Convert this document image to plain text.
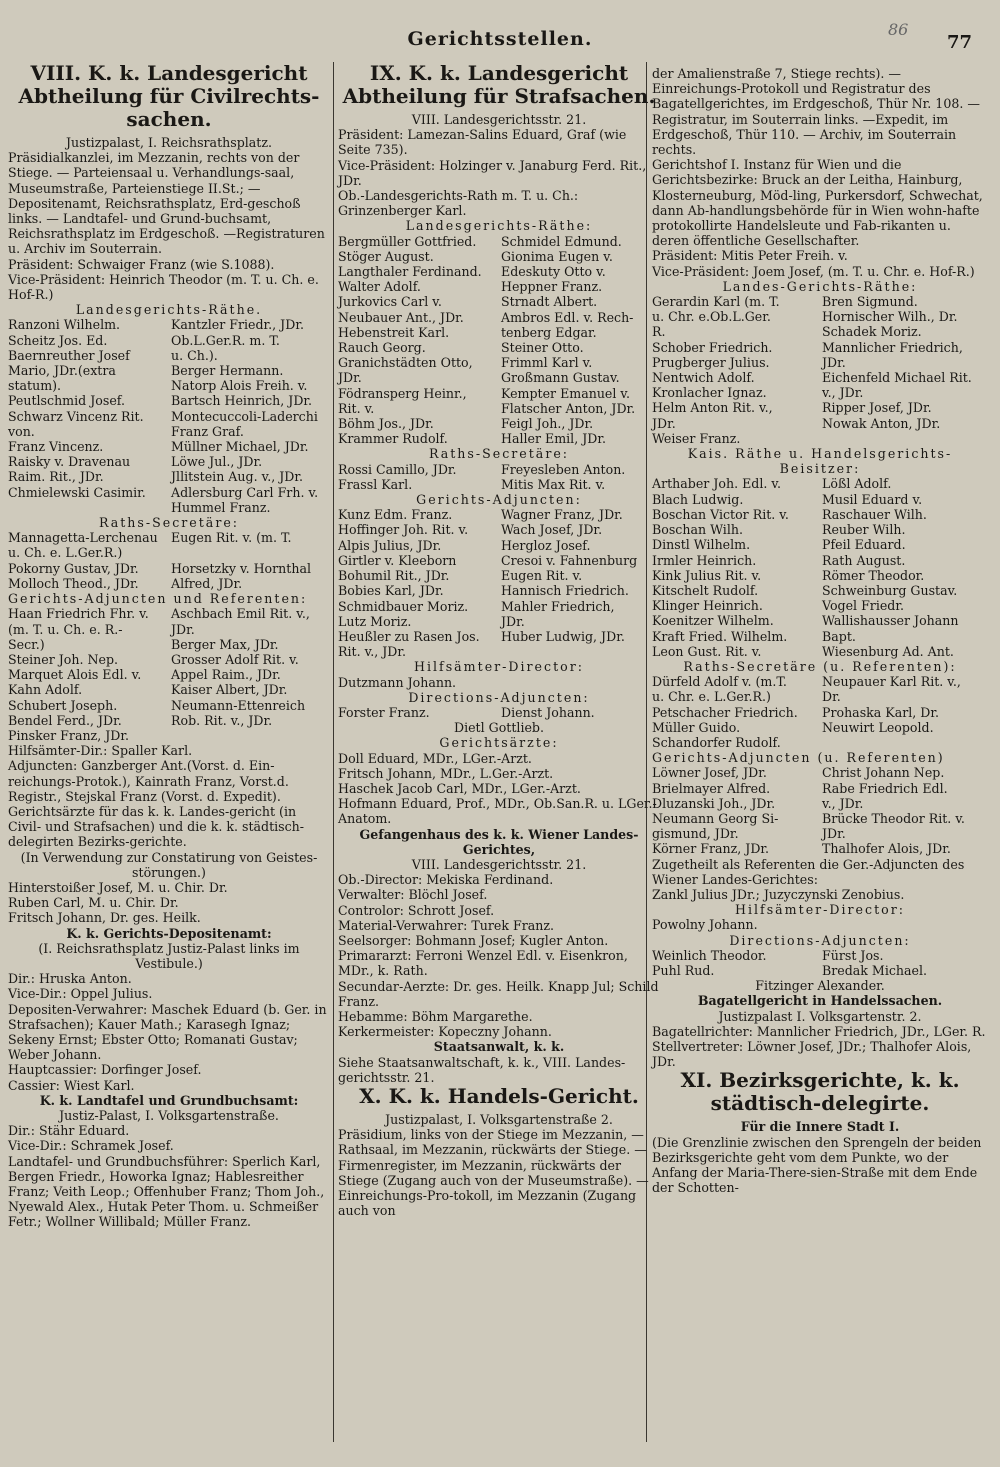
Gerichtsstellen.	86
77

VIII. K. k. Landesgericht Abtheilung für Civilrechts-sachen.

Justizpalast, I. Reichsrathsplatz.

Präsidialkanzlei, im Mezzanin, rechts von der Stiege. — Parteiensaal u. Verhandlungs-saal, Museumstraße, Parteienstiege II.St.; — Depositenamt, Reichsrathsplatz, Erd-geschoß links. — Landtafel- und Grund-buchsamt, Reichsrathsplatz im Erdgeschoß. —Registraturen u. Archiv im Souterrain.

Präsident: Schwaiger Franz (wie S.1088).

Vice-Präsident: Heinrich Theodor (m. T. u. Ch. e. Hof-R.)

Landesgerichts-Räthe.

Ranzoni Wilhelm.	Kantzler Friedr., JDr.
Scheitz Jos. Ed.	Ob.L.Ger.R. m. T.
Baernreuther Josef	u. Ch.).
Mario, JDr.(extra	Berger Hermann.
statum).	Natorp Alois Freih. v.
Peutlschmid Josef.	Bartsch Heinrich, JDr.
Schwarz Vincenz Rit.	Montecuccoli-Laderchi
von.	Franz Graf.
Franz Vincenz.	Müllner Michael, JDr.
Raisky v. Dravenau	Löwe Jul., JDr.
Raim. Rit., JDr.	Jllitstein Aug. v., JDr.
Chmielewski Casimir.	Adlersburg Carl Frh. v.
Hummel Franz.

Raths-Secretäre:

Mannagetta-Lerchenau	Eugen Rit. v. (m. T.
u. Ch. e. L.Ger.R.)
Pokorny Gustav, JDr.	Horsetzky v. Hornthal
Molloch Theod., JDr.	Alfred, JDr.

Gerichts-Adjuncten und Referenten:

Haan Friedrich Fhr. v.	Aschbach Emil Rit. v.,
(m. T. u. Ch. e. R.-	JDr.
Secr.)	Berger Max, JDr.
Steiner Joh. Nep.	Grosser Adolf Rit. v.
Marquet Alois Edl. v.	Appel Raim., JDr.
Kahn Adolf.	Kaiser Albert, JDr.
Schubert Joseph.	Neumann-Ettenreich
Bendel Ferd., JDr.	Rob. Rit. v., JDr.
Pinsker Franz, JDr.

Hilfsämter-Dir.: Spaller Karl.

Adjuncten: Ganzberger Ant.(Vorst. d. Ein-reichungs-Protok.), Kainrath Franz, Vorst.d. Registr., Stejskal Franz (Vorst. d. Expedit).

Gerichtsärzte für das k. k. Landes-gericht (in Civil- und Strafsachen) und die k. k. städtisch-delegirten Bezirks-gerichte.

(In Verwendung zur Constatirung von Geistes-störungen.)

Hinterstoißer Josef, M. u. Chir. Dr.

Ruben Carl, M. u. Chir. Dr.

Fritsch Johann, Dr. ges. Heilk.

K. k. Gerichts-Depositenamt:

(I. Reichsrathsplatz Justiz-Palast links im Vestibule.)

Dir.: Hruska Anton.

Vice-Dir.: Oppel Julius.

Depositen-Verwahrer: Maschek Eduard (b. Ger. in Strafsachen); Kauer Math.; Karasegh Ignaz; Sekeny Ernst; Ebster Otto; Romanati Gustav; Weber Johann.

Hauptcassier: Dorfinger Josef.

Cassier: Wiest Karl.

K. k. Landtafel und Grundbuchsamt:

Justiz-Palast, I. Volksgartenstraße.

Dir.: Stähr Eduard.

Vice-Dir.: Schramek Josef.

Landtafel- und Grundbuchsführer: Sperlich Karl, Bergen Friedr., Howorka Ignaz; Hablesreither Franz; Veith Leop.; Offenhuber Franz; Thom Joh., Nyewald Alex., Hutak Peter Thom. u. Schmeißer Fetr.; Wollner Willibald; Müller Franz.

IX. K. k. Landesgericht Abtheilung für Strafsachen.

VIII. Landesgerichtsstr. 21.

Präsident: Lamezan-Salins Eduard, Graf (wie Seite 735).

Vice-Präsident: Holzinger v. Janaburg Ferd. Rit., JDr.

Ob.-Landesgerichts-Rath m. T. u. Ch.: Grinzenberger Karl.

Landesgerichts-Räthe:

Bergmüller Gottfried.	Schmidel Edmund.
Stöger August.	Gionima Eugen v.
Langthaler Ferdinand.	Edeskuty Otto v.
Walter Adolf.	Heppner Franz.
Jurkovics Carl v.	Strnadt Albert.
Neubauer Ant., JDr.	Ambros Edl. v. Rech-
Hebenstreit Karl.	tenberg Edgar.
Rauch Georg.	Steiner Otto.
Granichstädten Otto,	Frimml Karl v.
JDr.	Großmann Gustav.
Födransperg Heinr.,	Kempter Emanuel v.
Rit. v.	Flatscher Anton, JDr.
Böhm Jos., JDr.	Feigl Joh., JDr.
Krammer Rudolf.	Haller Emil, JDr.

Raths-Secretäre:

Rossi Camillo, JDr.	Freyesleben Anton.
Frassl Karl.	Mitis Max Rit. v.

Gerichts-Adjuncten:

Kunz Edm. Franz.	Wagner Franz, JDr.
Hoffinger Joh. Rit. v.	Wach Josef, JDr.
Alpis Julius, JDr.	Hergloz Josef.
Girtler v. Kleeborn	Cresoi v. Fahnenburg
Bohumil Rit., JDr.	Eugen Rit. v.
Bobies Karl, JDr.	Hannisch Friedrich.
Schmidbauer Moriz.	Mahler Friedrich,
Lutz Moriz.	JDr.
Heußler zu Rasen Jos.	Huber Ludwig, JDr.
Rit. v., JDr.

Hilfsämter-Director:

Dutzmann Johann.

Directions-Adjuncten:

Forster Franz.	Dienst Johann.

Dietl Gottlieb.

Gerichtsärzte:

Doll Eduard, MDr., LGer.-Arzt.

Fritsch Johann, MDr., L.Ger.-Arzt.

Haschek Jacob Carl, MDr., LGer.-Arzt.

Hofmann Eduard, Prof., MDr., Ob.San.R. u. LGer.-Anatom.

Gefangenhaus des k. k. Wiener Landes-Gerichtes,

VIII. Landesgerichtsstr. 21.

Ob.-Director: Mekiska Ferdinand.

Verwalter: Blöchl Josef.

Controlor: Schrott Josef.

Material-Verwahrer: Turek Franz.

Seelsorger: Bohmann Josef; Kugler Anton.

Primararzt: Ferroni Wenzel Edl. v. Eisenkron, MDr., k. Rath.

Secundar-Aerzte: Dr. ges. Heilk. Knapp Jul; Schild Franz.

Hebamme: Böhm Margarethe.

Kerkermeister: Kopeczny Johann.

Staatsanwalt, k. k.

Siehe Staatsanwaltschaft, k. k., VIII. Landes-gerichtsstr. 21.

X. K. k. Handels-Gericht.

Justizpalast, I. Volksgartenstraße 2.

Präsidium, links von der Stiege im Mezzanin, — Rathsaal, im Mezzanin, rückwärts der Stiege. — Firmenregister, im Mezzanin, rückwärts der Stiege (Zugang auch von der Museumstraße). — Einreichungs-Pro-tokoll, im Mezzanin (Zugang auch von

der Amalienstraße 7, Stiege rechts). — Einreichungs-Protokoll und Registratur des Bagatellgerichtes, im Erdgeschoß, Thür Nr. 108. — Registratur, im Souterrain links. —Expedit, im Erdgeschoß, Thür 110. — Archiv, im Souterrain rechts.

Gerichtshof I. Instanz für Wien und die Gerichtsbezirke: Bruck an der Leitha, Hainburg, Klosterneuburg, Möd-ling, Purkersdorf, Schwechat, dann Ab-handlungsbehörde für in Wien wohn-hafte protokollirte Handelsleute und Fab-rikanten u. deren öffentliche Gesellschafter.

Präsident: Mitis Peter Freih. v.

Vice-Präsident: Joem Josef, (m. T. u. Chr. e. Hof-R.)

Landes-Gerichts-Räthe:

Gerardin Karl (m. T.	Bren Sigmund.
u. Chr. e.Ob.L.Ger.	Hornischer Wilh., Dr.
R.	Schadek Moriz.
Schober Friedrich.	Mannlicher Friedrich,
Prugberger Julius.	JDr.
Nentwich Adolf.	Eichenfeld Michael Rit.
Kronlacher Ignaz.	v., JDr.
Helm Anton Rit. v.,	Ripper Josef, JDr.
JDr.	Nowak Anton, JDr.
Weiser Franz.

Kais. Räthe u. Handelsgerichts-Beisitzer:

Arthaber Joh. Edl. v.	Lößl Adolf.
Blach Ludwig.	Musil Eduard v.
Boschan Victor Rit. v.	Raschauer Wilh.
Boschan Wilh.	Reuber Wilh.
Dinstl Wilhelm.	Pfeil Eduard.
Irmler Heinrich.	Rath August.
Kink Julius Rit. v.	Römer Theodor.
Kitschelt Rudolf.	Schweinburg Gustav.
Klinger Heinrich.	Vogel Friedr.
Koenitzer Wilhelm.	Wallishausser Johann
Kraft Fried. Wilhelm.	Bapt.
Leon Gust. Rit. v.	Wiesenburg Ad. Ant.

Raths-Secretäre (u. Referenten):

Dürfeld Adolf v. (m.T.	Neupauer Karl Rit. v.,
u. Chr. e. L.Ger.R.)	Dr.
Petschacher Friedrich.	Prohaska Karl, Dr.
Müller Guido.	Neuwirt Leopold.
Schandorfer Rudolf.

Gerichts-Adjuncten (u. Referenten)

Löwner Josef, JDr.	Christ Johann Nep.
Brielmayer Alfred.	Rabe Friedrich Edl.
Dluzanski Joh., JDr.	v., JDr.
Neumann Georg Si-	Brücke Theodor Rit. v.
gismund, JDr.	JDr.
Körner Franz, JDr.	Thalhofer Alois, JDr.

Zugetheilt als Referenten die Ger.-Adjuncten des Wiener Landes-Gerichtes:

Zankl Julius JDr.; Juzyczynski Zenobius.

Hilfsämter-Director:

Powolny Johann.

Directions-Adjuncten:

Weinlich Theodor.	Fürst Jos.
Puhl Rud.	Bredak Michael.

Fitzinger Alexander.

Bagatellgericht in Handelssachen.

Justizpalast I. Volksgartenstr. 2.

Bagatellrichter: Mannlicher Friedrich, JDr., LGer. R.

Stellvertreter: Löwner Josef, JDr.; Thalhofer Alois, JDr.

XI. Bezirksgerichte, k. k. städtisch-delegirte.

Für die Innere Stadt I.

(Die Grenzlinie zwischen den Sprengeln der beiden Bezirksgerichte geht vom dem Punkte, wo der Anfang der Maria-There-sien-Straße mit dem Ende der Schotten-
